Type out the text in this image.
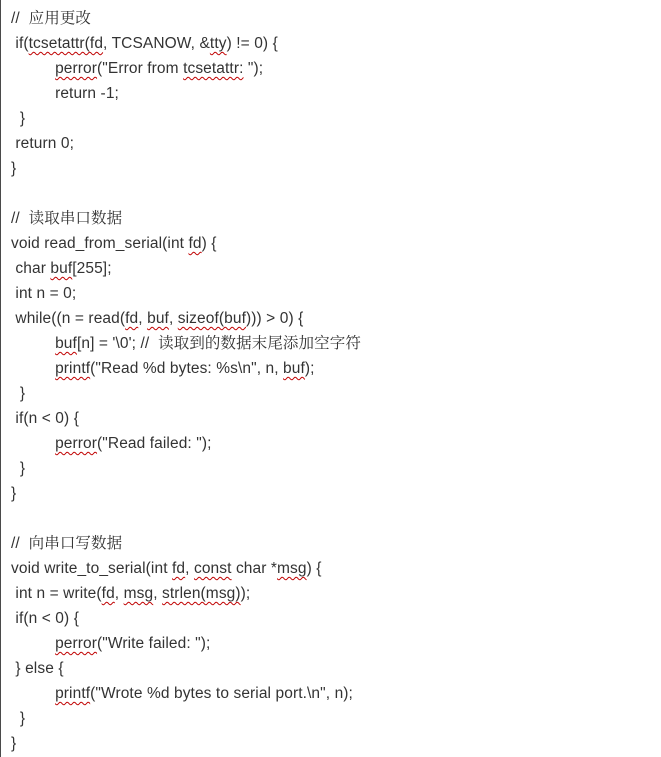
//  应用更改
if(tcsetattr(fd, TCSANOW, &tty) != 0) {
perror("Error from tcsetattr: ");
return -1;
}
return 0;
}
//  读取串口数据
void read_from_serial(int fd) {
char buf[255];
int n = 0;
while((n = read(fd, buf, sizeof(buf))) > 0) {
buf[n] = '\0'; //  读取到的数据末尾添加空字符
printf("Read %d bytes: %s\n", n, buf);
}
if(n < 0) {
perror("Read failed: ");
}
}
//  向串口写数据
void write_to_serial(int fd, const char *msg) {
int n = write(fd, msg, strlen(msg));
if(n < 0) {
perror("Write failed: ");
} else {
printf("Wrote %d bytes to serial port.\n", n);
}
}
